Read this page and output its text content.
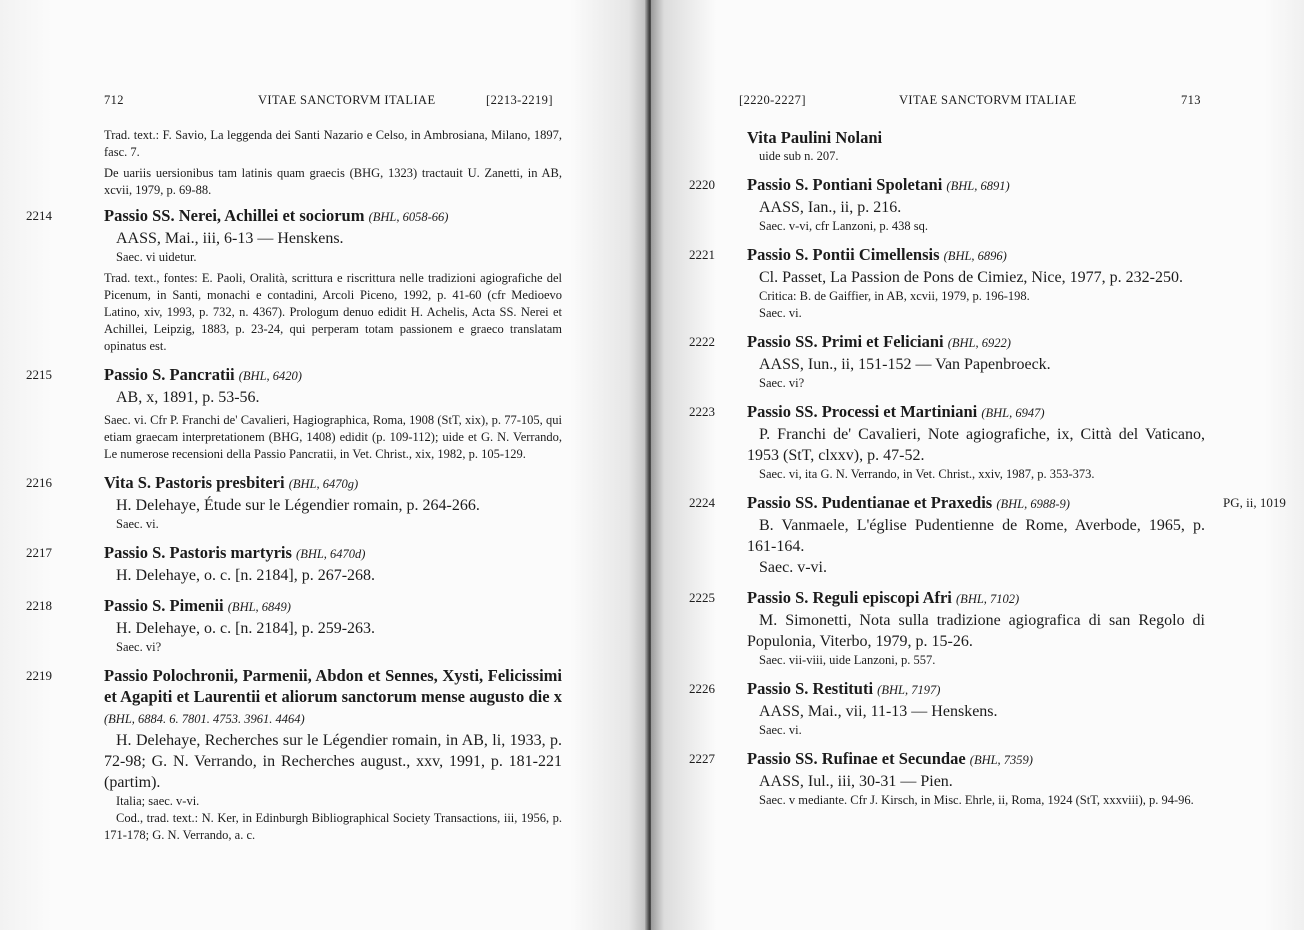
712	VITAE SANCTORVM ITALIAE	[2213-2219]
Trad. text.: F. Savio, La leggenda dei Santi Nazario e Celso, in Ambrosiana, Milano, 1897, fasc. 7.
De uariis uersionibus tam latinis quam graecis (BHG, 1323) tractauit U. Zanetti, in AB, xcvii, 1979, p. 69-88.
2214	Passio SS. Nerei, Achillei et sociorum (BHL, 6058-66)
AASS, Mai., iii, 6-13 — Henskens.
Saec. vi uidetur.
Trad. text., fontes: E. Paoli, Oralità, scrittura e riscrittura nelle tradizioni agiografiche del Picenum, in Santi, monachi e contadini, Arcoli Piceno, 1992, p. 41-60 (cfr Medioevo Latino, xiv, 1993, p. 732, n. 4367). Prologum denuo edidit H. Achelis, Acta SS. Nerei et Achillei, Leipzig, 1883, p. 23-24, qui perperam totam passionem e graeco translatam opinatus est.
2215	Passio S. Pancratii (BHL, 6420)
AB, x, 1891, p. 53-56.
Saec. vi. Cfr P. Franchi de' Cavalieri, Hagiographica, Roma, 1908 (StT, xix), p. 77-105, qui etiam graecam interpretationem (BHG, 1408) edidit (p. 109-112); uide et G. N. Verrando, Le numerose recensioni della Passio Pancratii, in Vet. Christ., xix, 1982, p. 105-129.
2216	Vita S. Pastoris presbiteri (BHL, 6470g)
H. Delehaye, Étude sur le Légendier romain, p. 264-266.
Saec. vi.
2217	Passio S. Pastoris martyris (BHL, 6470d)
H. Delehaye, o. c. [n. 2184], p. 267-268.
2218	Passio S. Pimenii (BHL, 6849)
H. Delehaye, o. c. [n. 2184], p. 259-263.
Saec. vi?
2219	Passio Polochronii, Parmenii, Abdon et Sennes, Xysti, Felicissimi et Agapiti et Laurentii et aliorum sanctorum mense augusto die x (BHL, 6884. 6. 7801. 4753. 3961. 4464)
H. Delehaye, Recherches sur le Légendier romain, in AB, li, 1933, p. 72-98; G. N. Verrando, in Recherches august., xxv, 1991, p. 181-221 (partim).
Italia; saec. v-vi.
Cod., trad. text.: N. Ker, in Edinburgh Bibliographical Society Transactions, iii, 1956, p. 171-178; G. N. Verrando, a. c.
[2220-2227]	VITAE SANCTORVM ITALIAE	713
Vita Paulini Nolani
uide sub n. 207.
2220 Passio S. Pontiani Spoletani (BHL, 6891)
AASS, Ian., ii, p. 216.
Saec. v-vi, cfr Lanzoni, p. 438 sq.
2221 Passio S. Pontii Cimellensis (BHL, 6896)
Cl. Passet, La Passion de Pons de Cimiez, Nice, 1977, p. 232-250.
Critica: B. de Gaiffier, in AB, xcvii, 1979, p. 196-198.
Saec. vi.
2222 Passio SS. Primi et Feliciani (BHL, 6922)
AASS, Iun., ii, 151-152 — Van Papenbroeck.
Saec. vi?
2223 Passio SS. Processi et Martiniani (BHL, 6947)
P. Franchi de' Cavalieri, Note agiografiche, ix, Città del Vaticano, 1953 (StT, clxxv), p. 47-52.
Saec. vi, ita G. N. Verrando, in Vet. Christ., xxiv, 1987, p. 353-373.
2224	PG, ii, 1019
Passio SS. Pudentianae et Praxedis (BHL, 6988-9)
B. Vanmaele, L'église Pudentienne de Rome, Averbode, 1965, p. 161-164.
Saec. v-vi.
2225 Passio S. Reguli episcopi Afri (BHL, 7102)
M. Simonetti, Nota sulla tradizione agiografica di san Regolo di Populonia, Viterbo, 1979, p. 15-26.
Saec. vii-viii, uide Lanzoni, p. 557.
2226 Passio S. Restituti (BHL, 7197)
AASS, Mai., vii, 11-13 — Henskens.
Saec. vi.
2227 Passio SS. Rufinae et Secundae (BHL, 7359)
AASS, Iul., iii, 30-31 — Pien.
Saec. v mediante. Cfr J. Kirsch, in Misc. Ehrle, ii, Roma, 1924 (StT, xxxviii), p. 94-96.
